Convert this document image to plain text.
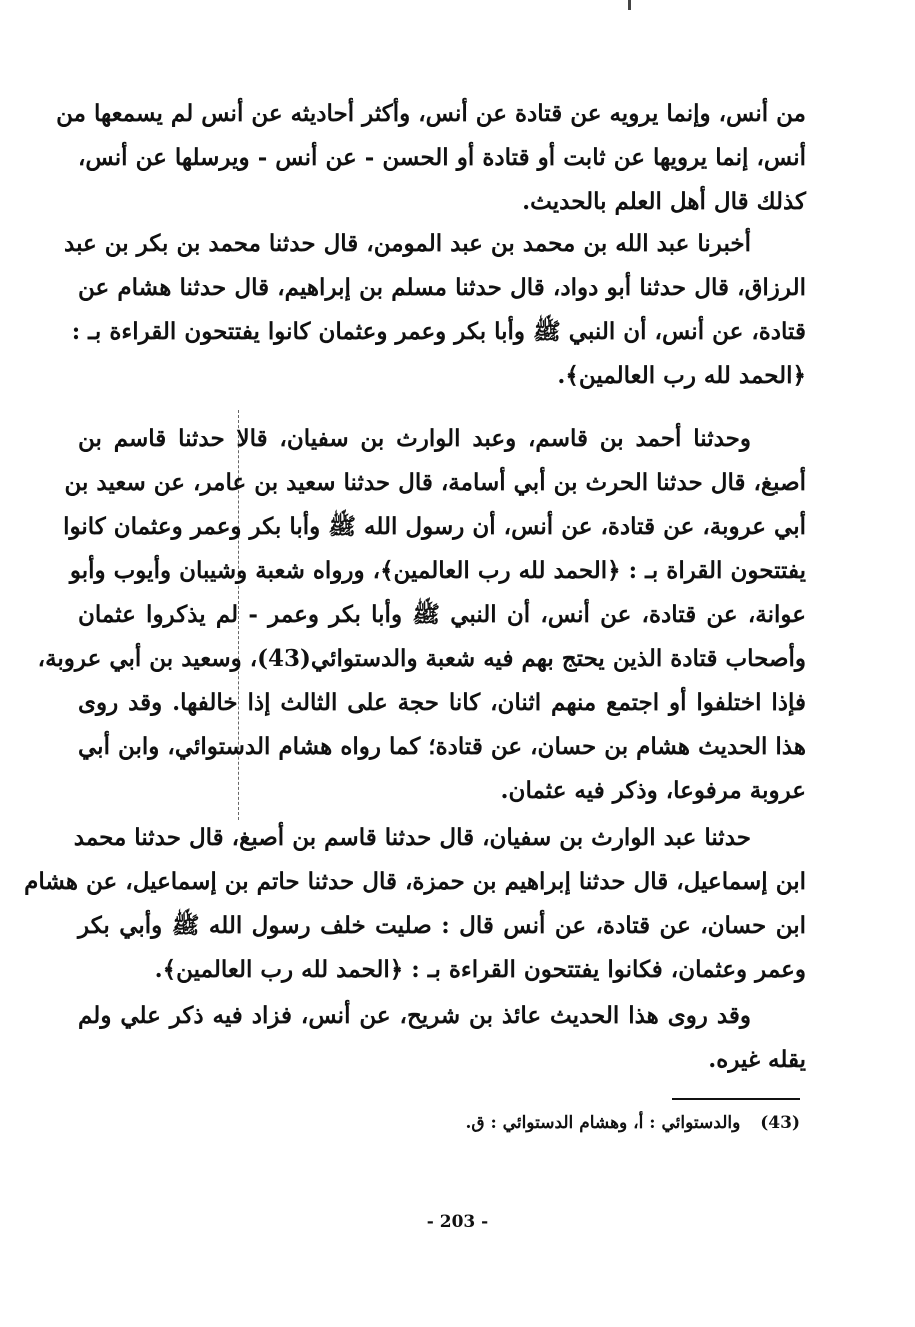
من أنس، وإنما يرويه عن قتادة عن أنس، وأكثر أحاديثه عن أنس لم يسمعها من
أنس، إنما يرويها عن ثابت أو قتادة أو الحسن - عن أنس - ويرسلها عن أنس،
كذلك قال أهل العلم بالحديث.
أخبرنا عبد الله بن محمد بن عبد المومن، قال حدثنا محمد بن بكر بن عبد
الرزاق، قال حدثنا أبو دواد، قال حدثنا مسلم بن إبراهيم، قال حدثنا هشام عن
قتادة، عن أنس، أن النبي ﷺ وأبا بكر وعمر وعثمان كانوا يفتتحون القراءة بـ :
﴿الحمد لله رب العالمين﴾.
وحدثنا أحمد بن قاسم، وعبد الوارث بن سفيان، قالا حدثنا قاسم بن
أصبغ، قال حدثنا الحرث بن أبي أسامة، قال حدثنا سعيد بن عامر، عن سعيد بن
أبي عروبة، عن قتادة، عن أنس، أن رسول الله ﷺ وأبا بكر وعمر وعثمان كانوا
يفتتحون القراة بـ : ﴿الحمد لله رب العالمين﴾، ورواه شعبة وشيبان وأيوب وأبو
عوانة، عن قتادة، عن أنس، أن النبي ﷺ وأبا بكر وعمر - لم يذكروا عثمان
وأصحاب قتادة الذين يحتج بهم فيه شعبة والدستوائي(43)، وسعيد بن أبي عروبة،
فإذا اختلفوا أو اجتمع منهم اثنان، كانا حجة على الثالث إذا خالفها. وقد روى
هذا الحديث هشام بن حسان، عن قتادة؛ كما رواه هشام الدستوائي، وابن أبي
عروبة مرفوعا، وذكر فيه عثمان.
حدثنا عبد الوارث بن سفيان، قال حدثنا قاسم بن أصبغ، قال حدثنا محمد
ابن إسماعيل، قال حدثنا إبراهيم بن حمزة، قال حدثنا حاتم بن إسماعيل، عن هشام
ابن حسان، عن قتادة، عن أنس قال : صليت خلف رسول الله ﷺ وأبي بكر
وعمر وعثمان، فكانوا يفتتحون القراءة بـ : ﴿الحمد لله رب العالمين﴾.
وقد روى هذا الحديث عائذ بن شريح، عن أنس، فزاد فيه ذكر علي ولم
يقله غيره.
(43) والدستوائي : أ، وهشام الدستوائي : ق.
- 203 -
